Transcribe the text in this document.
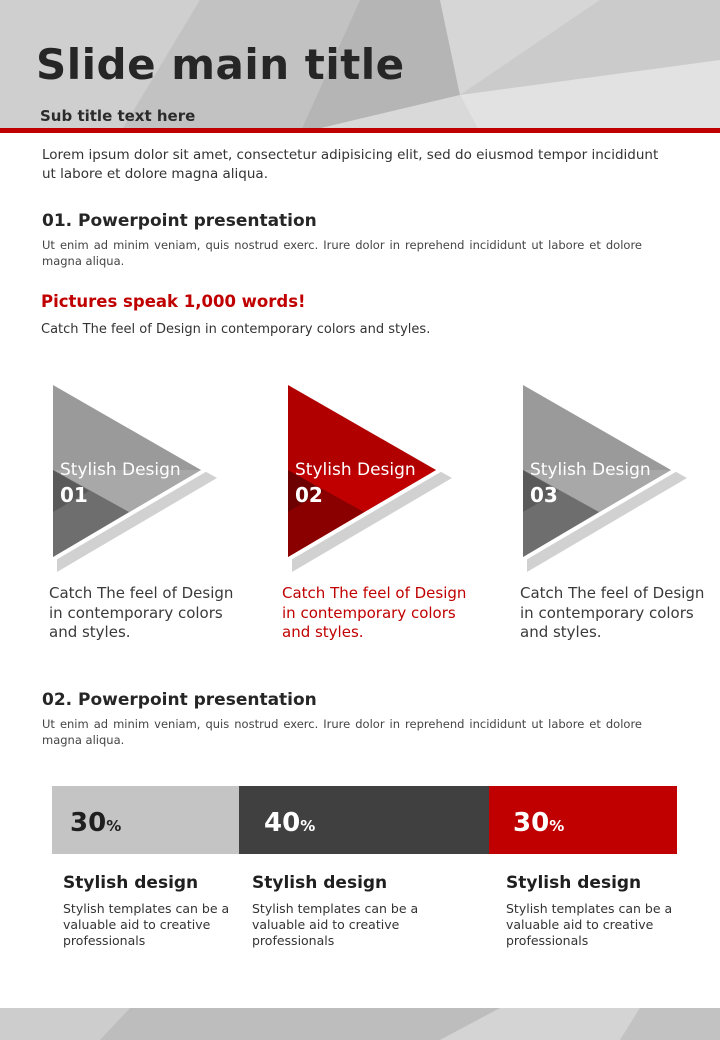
Slide main title
Sub title text here
Lorem ipsum dolor sit amet, consectetur adipisicing elit, sed do eiusmod tempor incididunt ut labore et dolore magna aliqua.
01. Powerpoint presentation
Ut enim ad minim veniam, quis nostrud exerc. Irure dolor in reprehend incididunt ut labore et dolore magna aliqua.
Pictures speak 1,000 words!
Catch The feel of Design in contemporary colors and styles.
Stylish Design
01
Stylish Design
02
Stylish Design
03
Catch The feel of Design in contemporary colors and styles.
Catch The feel of Design in contemporary colors and styles.
Catch The feel of Design in contemporary colors and styles.
02. Powerpoint presentation
Ut enim ad minim veniam, quis nostrud exerc. Irure dolor in reprehend incididunt ut labore et dolore magna aliqua.
30%	40%	30%
Stylish design	Stylish design	Stylish design
Stylish templates can be a valuable aid to creative professionals
Stylish templates can be a valuable aid to creative professionals
Stylish templates can be a valuable aid to creative professionals
